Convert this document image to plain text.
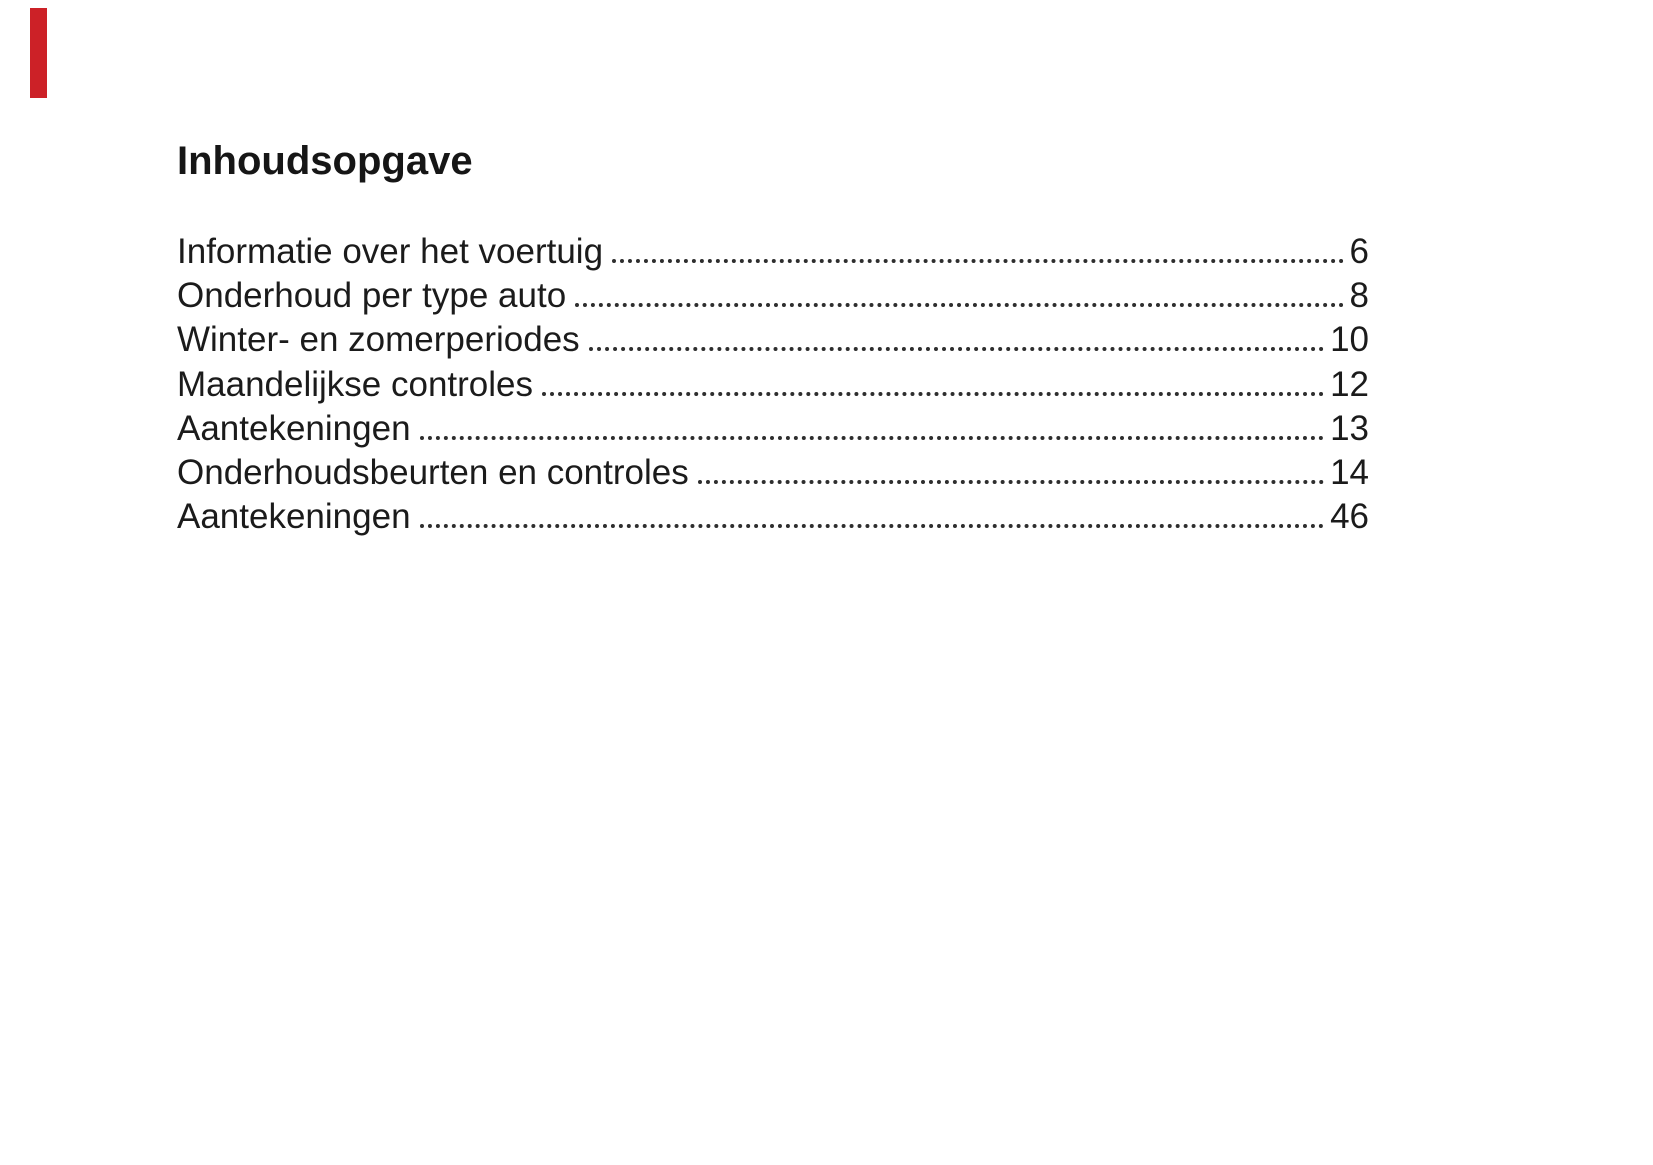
Inhoudsopgave
Informatie over het voertuig	6
Onderhoud per type auto	8
Winter- en zomerperiodes	10
Maandelijkse controles	12
Aantekeningen	13
Onderhoudsbeurten en controles	14
Aantekeningen	46
